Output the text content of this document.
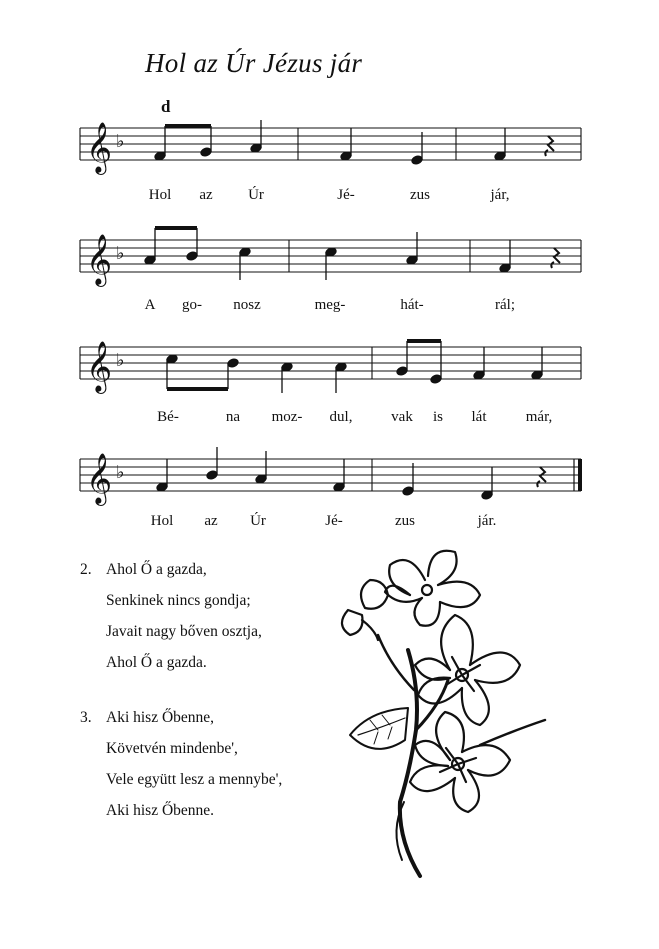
Hol az Úr Jézus jár
d
𝄞 ♭
Hol az Úr	Jé-	zus	jár,
𝄞 ♭
A go- nosz	meg-	hát-	rál;
𝄞 ♭
Bé-	na moz- dul,	vak is lát	már,
𝄞 ♭
Hol az Úr	Jé-	zus	jár.
2. Ahol Ő a gazda,
Senkinek nincs gondja;
Javait nagy bőven osztja,
Ahol Ő a gazda.
3. Aki hisz Őbenne,
Követvén mindenbe',
Vele együtt lesz a mennybe',
Aki hisz Őbenne.
